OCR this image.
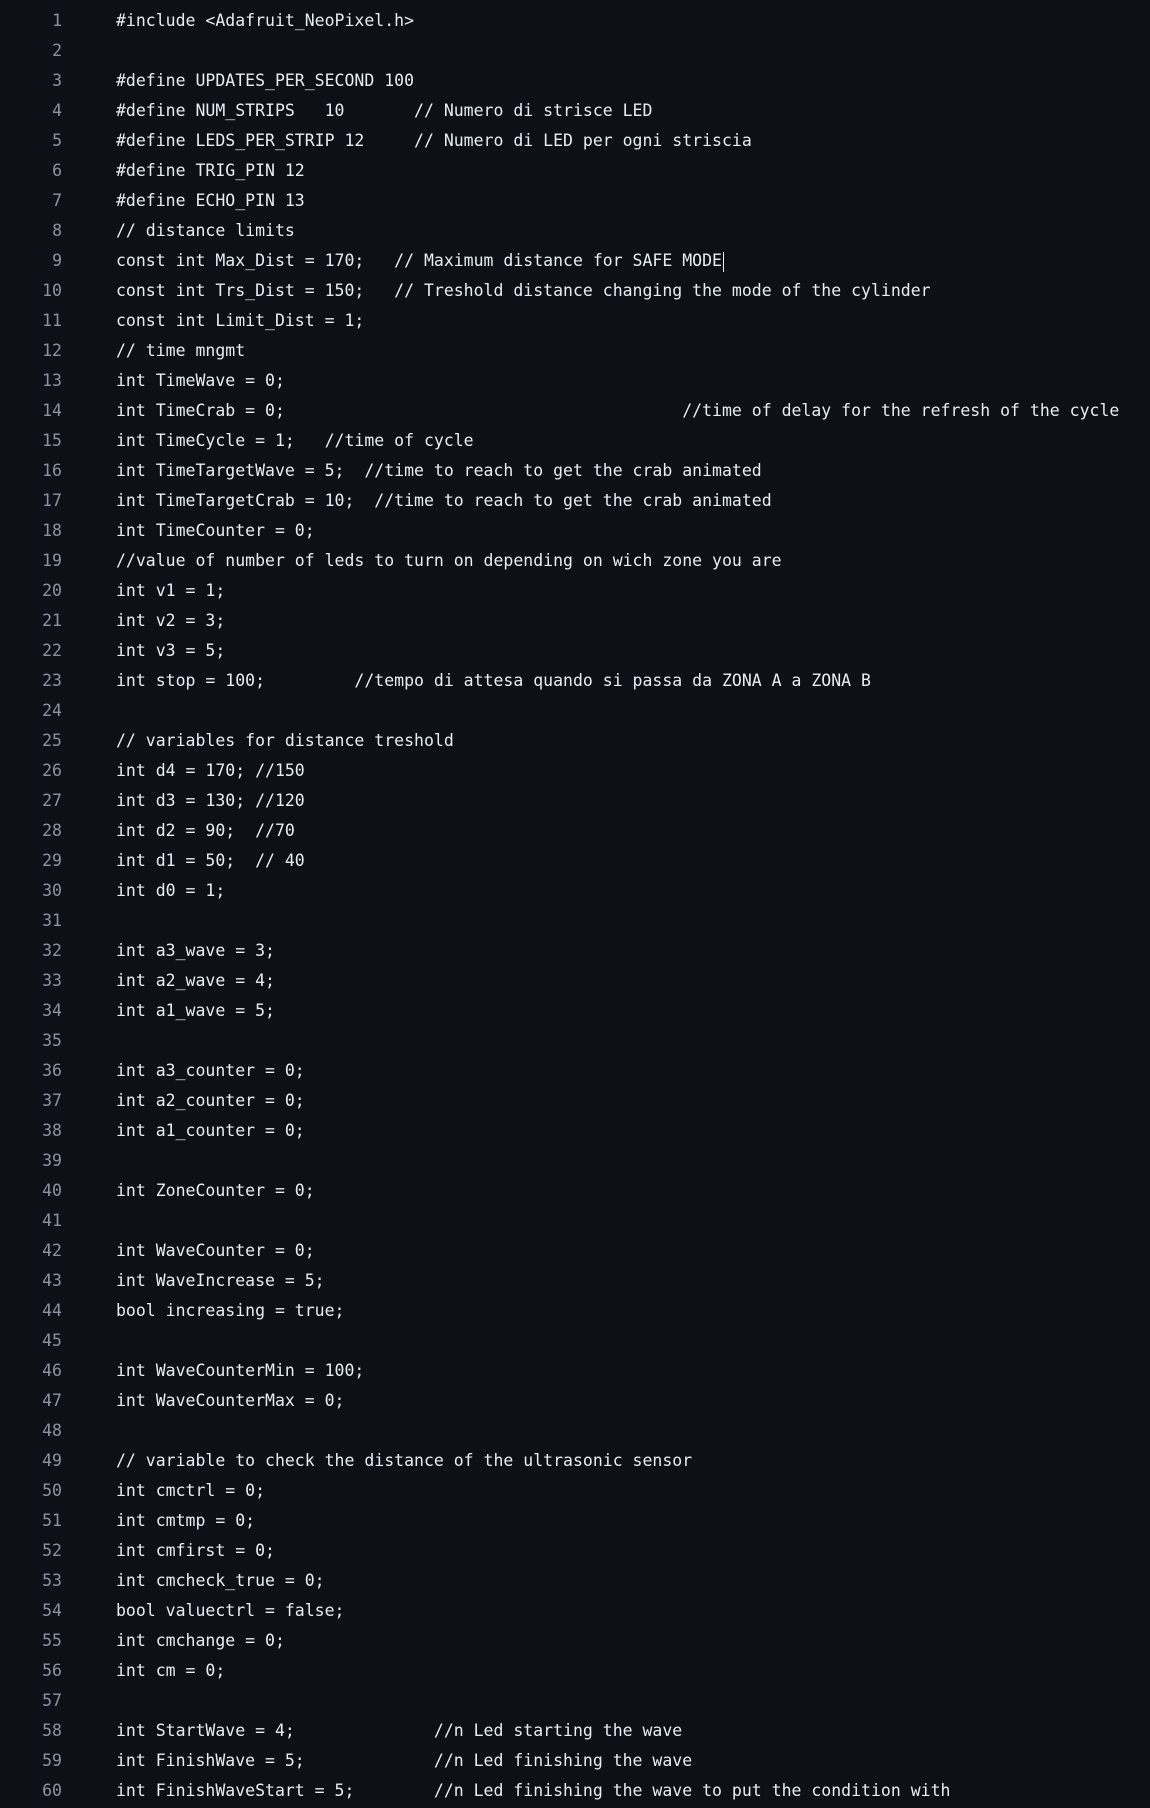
1	#include <Adafruit_NeoPixel.h>
2
3	#define UPDATES_PER_SECOND 100
4	#define NUM_STRIPS   10       // Numero di strisce LED
5	#define LEDS_PER_STRIP 12     // Numero di LED per ogni striscia
6	#define TRIG_PIN 12
7	#define ECHO_PIN 13
8	// distance limits
9	const int Max_Dist = 170;   // Maximum distance for SAFE MODE
10	const int Trs_Dist = 150;   // Treshold distance changing the mode of the cylinder
11	const int Limit_Dist = 1;
12	// time mngmt
13	int TimeWave = 0;
14	int TimeCrab = 0;                                        //time of delay for the refresh of the cycle
15	int TimeCycle = 1;   //time of cycle
16	int TimeTargetWave = 5;  //time to reach to get the crab animated
17	int TimeTargetCrab = 10;  //time to reach to get the crab animated
18	int TimeCounter = 0;
19	//value of number of leds to turn on depending on wich zone you are
20	int v1 = 1;
21	int v2 = 3;
22	int v3 = 5;
23	int stop = 100;         //tempo di attesa quando si passa da ZONA A a ZONA B
24
25	// variables for distance treshold
26	int d4 = 170; //150
27	int d3 = 130; //120
28	int d2 = 90;  //70
29	int d1 = 50;  // 40
30	int d0 = 1;
31
32	int a3_wave = 3;
33	int a2_wave = 4;
34	int a1_wave = 5;
35
36	int a3_counter = 0;
37	int a2_counter = 0;
38	int a1_counter = 0;
39
40	int ZoneCounter = 0;
41
42	int WaveCounter = 0;
43	int WaveIncrease = 5;
44	bool increasing = true;
45
46	int WaveCounterMin = 100;
47	int WaveCounterMax = 0;
48
49	// variable to check the distance of the ultrasonic sensor
50	int cmctrl = 0;
51	int cmtmp = 0;
52	int cmfirst = 0;
53	int cmcheck_true = 0;
54	bool valuectrl = false;
55	int cmchange = 0;
56	int cm = 0;
57
58	int StartWave = 4;              //n Led starting the wave
59	int FinishWave = 5;             //n Led finishing the wave
60	int FinishWaveStart = 5;        //n Led finishing the wave to put the condition with
